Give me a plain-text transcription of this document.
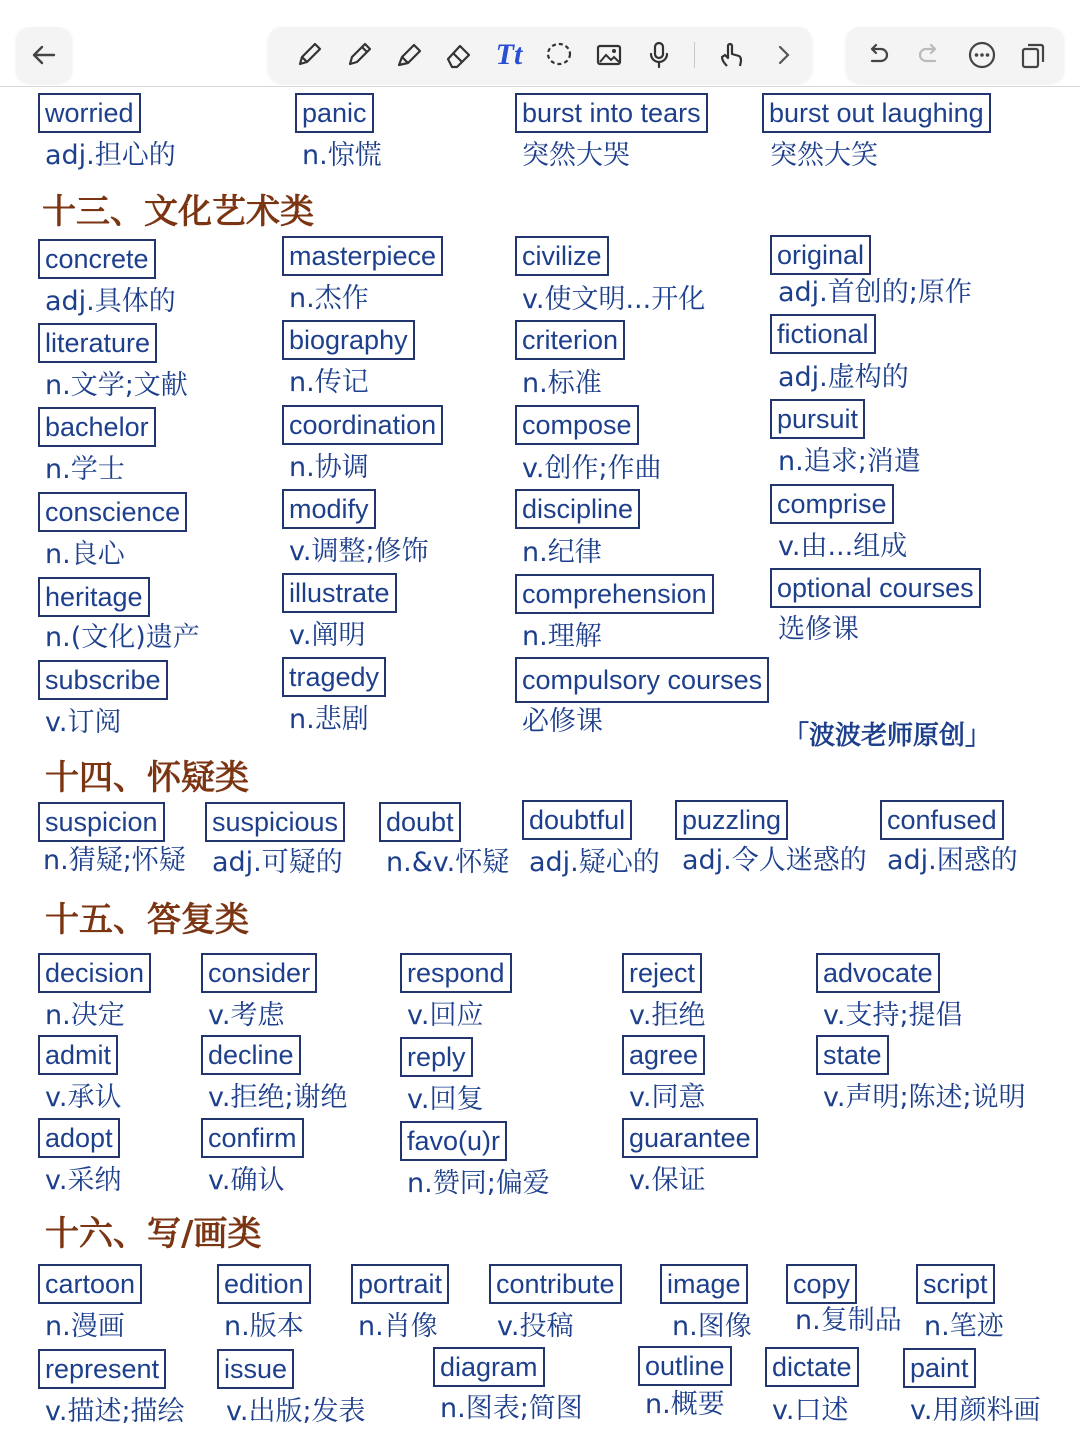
Tt
worried
adj.担心的
panic
n.惊慌
burst into tears
突然大哭
burst out laughing
突然大笑
十三、文化艺术类
concrete
adj.具体的
literature
n.文学;文献
bachelor
n.学士
conscience
n.良心
heritage
n.(文化)遗产
subscribe
v.订阅
masterpiece
n.杰作
biography
n.传记
coordination
n.协调
modify
v.调整;修饰
illustrate
v.阐明
tragedy
n.悲剧
civilize
v.使文明...开化
criterion
n.标准
compose
v.创作;作曲
discipline
n.纪律
comprehension
n.理解
compulsory courses
必修课
original
adj.首创的;原作
fictional
adj.虚构的
pursuit
n.追求;消遣
comprise
v.由...组成
optional courses
选修课
「波波老师原创」
十四、怀疑类
suspicion
n.猜疑;怀疑
suspicious
adj.可疑的
doubt
n.&v.怀疑
doubtful
adj.疑心的
puzzling
adj.令人迷惑的
confused
adj.困惑的
十五、答复类
decision
n.决定
admit
v.承认
adopt
v.采纳
consider
v.考虑
decline
v.拒绝;谢绝
confirm
v.确认
respond
v.回应
reply
v.回复
favo(u)r
n.赞同;偏爱
reject
v.拒绝
agree
v.同意
guarantee
v.保证
advocate
v.支持;提倡
state
v.声明;陈述;说明
十六、写/画类
cartoon
n.漫画
edition
n.版本
portrait
n.肖像
contribute
v.投稿
image
n.图像
copy
n.复制品
script
n.笔迹
represent
v.描述;描绘
issue
v.出版;发表
diagram
n.图表;简图
outline
n.概要
dictate
v.口述
paint
v.用颜料画
